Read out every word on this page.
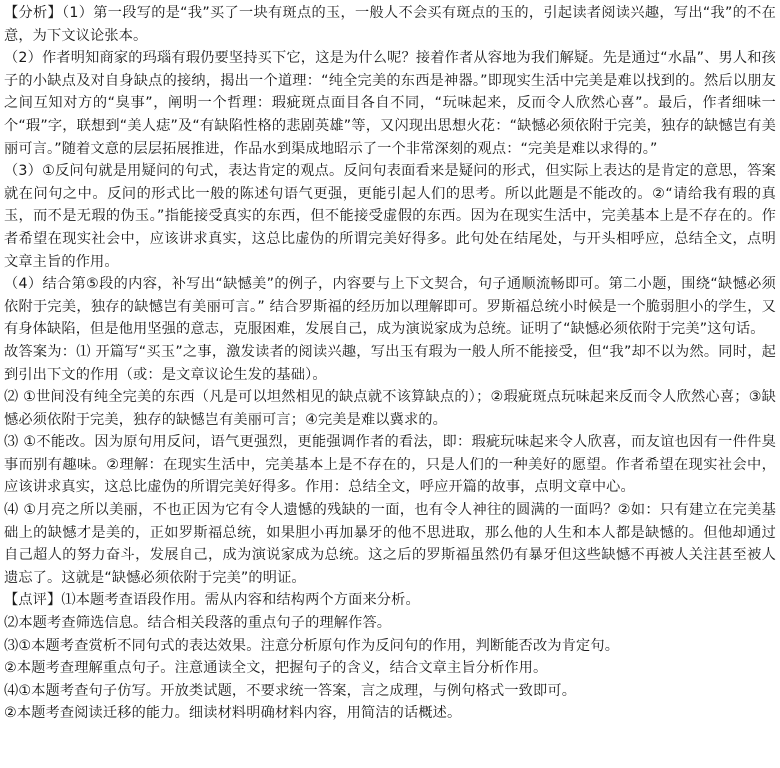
【分析】（1）第一段写的是“我”买了一块有斑点的玉，一般人不会买有斑点的玉的，引起读者阅读兴趣，写出“我”的不在意，为下文议论张本。

（2）作者明知商家的玛瑙有瑕仍要坚持买下它，这是为什么呢？接着作者从容地为我们解疑。先是通过“水晶”、男人和孩子的小缺点及对自身缺点的接纳，揭出一个道理：“纯全完美的东西是神器。”即现实生活中完美是难以找到的。然后以朋友之间互知对方的“臭事”，阐明一个哲理：瑕疵斑点面目各自不同，“玩味起来，反而令人欣然心喜”。最后，作者细味一个“瑕”字，联想到“美人痣”及“有缺陷性格的悲剧英雄”等，又闪现出思想火花：“缺憾必须依附于完美，独存的缺憾岂有美丽可言。”随着文意的层层拓展推进，作品水到渠成地昭示了一个非常深刻的观点：“完美是难以求得的。”

（3）①反问句就是用疑问的句式，表达肯定的观点。反问句表面看来是疑问的形式，但实际上表达的是肯定的意思，答案就在问句之中。反问的形式比一般的陈述句语气更强，更能引起人们的思考。所以此题是不能改的。②“请给我有瑕的真玉，而不是无瑕的伪玉。”指能接受真实的东西，但不能接受虚假的东西。因为在现实生活中，完美基本上是不存在的。作者希望在现实社会中，应该讲求真实，这总比虚伪的所谓完美好得多。此句处在结尾处，与开头相呼应，总结全文，点明文章主旨的作用。

（4）结合第⑤段的内容，补写出“缺憾美”的例子，内容要与上下文契合，句子通顺流畅即可。第二小题，围绕“缺憾必须依附于完美，独存的缺憾岂有美丽可言。” 结合罗斯福的经历加以理解即可。罗斯福总统小时候是一个脆弱胆小的学生，又有身体缺陷，但是他用坚强的意志，克服困难，发展自己，成为演说家成为总统。证明了“缺憾必须依附于完美”这句话。

故答案为：⑴ 开篇写“买玉”之事，激发读者的阅读兴趣，写出玉有瑕为一般人所不能接受，但“我”却不以为然。同时，起到引出下文的作用（或：是文章议论生发的基础）。

⑵ ①世间没有纯全完美的东西（凡是可以坦然相见的缺点就不该算缺点的）；②瑕疵斑点玩味起来反而令人欣然心喜；③缺憾必须依附于完美，独存的缺憾岂有美丽可言；④完美是难以冀求的。

⑶ ①不能改。因为原句用反问，语气更强烈，更能强调作者的看法，即：瑕疵玩味起来令人欣喜，而友谊也因有一件件臭事而别有趣味。②理解：在现实生活中，完美基本上是不存在的，只是人们的一种美好的愿望。作者希望在现实社会中，应该讲求真实，这总比虚伪的所谓完美好得多。作用：总结全文，呼应开篇的故事，点明文章中心。

⑷ ①月亮之所以美丽，不也正因为它有令人遗憾的残缺的一面，也有令人神往的圆满的一面吗？②如：只有建立在完美基础上的缺憾才是美的，正如罗斯福总统，如果胆小再加暴牙的他不思进取，那么他的人生和本人都是缺憾的。但他却通过自己超人的努力奋斗，发展自己，成为演说家成为总统。这之后的罗斯福虽然仍有暴牙但这些缺憾不再被人关注甚至被人遗忘了。这就是“缺憾必须依附于完美”的明证。

【点评】⑴本题考查语段作用。需从内容和结构两个方面来分析。

⑵本题考查筛选信息。结合相关段落的重点句子的理解作答。

⑶①本题考查赏析不同句式的表达效果。注意分析原句作为反问句的作用，判断能否改为肯定句。

②本题考查理解重点句子。注意通读全文，把握句子的含义，结合文章主旨分析作用。

⑷①本题考查句子仿写。开放类试题，不要求统一答案，言之成理，与例句格式一致即可。

②本题考查阅读迁移的能力。细读材料明确材料内容，用简洁的话概述。
